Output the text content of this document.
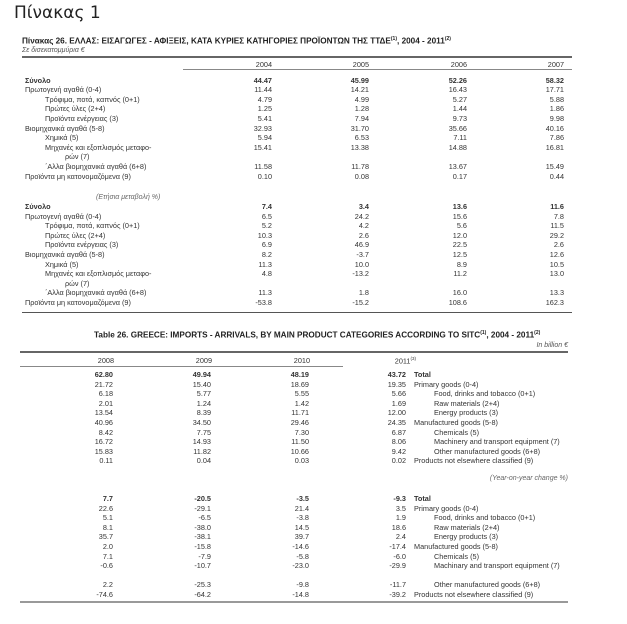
Πίνακας 1
Πίνακας 26. ΕΛΛΑΣ: ΕΙΣΑΓΩΓΕΣ - ΑΦΙΞΕΙΣ, ΚΑΤΑ ΚΥΡΙΕΣ ΚΑΤΗΓΟΡΙΕΣ ΠΡΟΪΟΝΤΩΝ ΤΗΣ ΤΤΔΕ$^{(1)}$, 2004 - 2011$^{(2)}$
Σε δισεκατομμύρια €
2004	2005	2006	2007
Σύνολο	44.47	45.99	52.26	58.32
Πρωτογενή αγαθά (0-4)	11.44	14.21	16.43	17.71
Τρόφιμα, ποτά, καπνός (0+1)	4.79	4.99	5.27	5.88
Πρώτες ύλες (2+4)	1.25	1.28	1.44	1.86
Προϊόντα ενέργειας (3)	5.41	7.94	9.73	9.98
Βιομηχανικά αγαθά (5-8)	32.93	31.70	35.66	40.16
Χημικά (5)	5.94	6.53	7.11	7.86
Μηχανές και εξοπλισμός μεταφο-	15.41	13.38	14.88	16.81
ρών (7)
΄Αλλα βιομηχανικά αγαθά (6+8)	11.58	11.78	13.67	15.49
Προϊόντα μη κατονομαζόμενα (9)	0.10	0.08	0.17	0.44
(Ετήσια μεταβολή %)
Σύνολο	7.4	3.4	13.6	11.6
Πρωτογενή αγαθά (0-4)	6.5	24.2	15.6	7.8
Τρόφιμα, ποτά, καπνός (0+1)	5.2	4.2	5.6	11.5
Πρώτες ύλες (2+4)	10.3	2.6	12.0	29.2
Προϊόντα ενέργειας (3)	6.9	46.9	22.5	2.6
Βιομηχανικά αγαθά (5-8)	8.2	-3.7	12.5	12.6
Χημικά (5)	11.3	10.0	8.9	10.5
Μηχανές και εξοπλισμός μεταφο-	4.8	-13.2	11.2	13.0
ρών (7)
΄Αλλα βιομηχανικά αγαθά (6+8)	11.3	1.8	16.0	13.3
Προϊόντα μη κατονομαζόμενα (9)	-53.8	-15.2	108.6	162.3
Table 26. GREECE: IMPORTS - ARRIVALS, BY MAIN PRODUCT CATEGORIES ACCORDING TO SITC$^{(1)}$, 2004 - 2011$^{(2)}$
In billion €
2008	2009	2010	2011$^{(3)}$
Total
62.80	49.94	48.19	43.72
Primary goods (0-4)
21.72	15.40	18.69	19.35
Food, drinks and tobacco (0+1)
6.18	5.77	5.55	5.66
Raw materials (2+4)
2.01	1.24	1.42	1.69
Energy products (3)
13.54	8.39	11.71	12.00
Manufactured goods (5-8)
40.96	34.50	29.46	24.35
Chemicals (5)
8.42	7.75	7.30	6.87
Machinery and transport equipment (7)
16.72	14.93	11.50	8.06
Other manufactured goods (6+8)
15.83	11.82	10.66	9.42
Products not elsewhere classified (9)
0.11	0.04	0.03	0.02
(Year-on-year change %)
Total
7.7	-20.5	-3.5	-9.3
Primary goods (0-4)
22.6	-29.1	21.4	3.5
Food, drinks and tobacco (0+1)
5.1	-6.5	-3.8	1.9
Raw materials (2+4)
8.1	-38.0	14.5	18.6
Energy products (3)
35.7	-38.1	39.7	2.4
Manufactured goods (5-8)
2.0	-15.8	-14.6	-17.4
Chemicals (5)
7.1	-7.9	-5.8	-6.0
Machinary and transport equipment (7)
-0.6	-10.7	-23.0	-29.9
Other manufactured goods (6+8)
2.2	-25.3	-9.8	-11.7
Products not elsewhere classified (9)
-74.6	-64.2	-14.8	-39.2
